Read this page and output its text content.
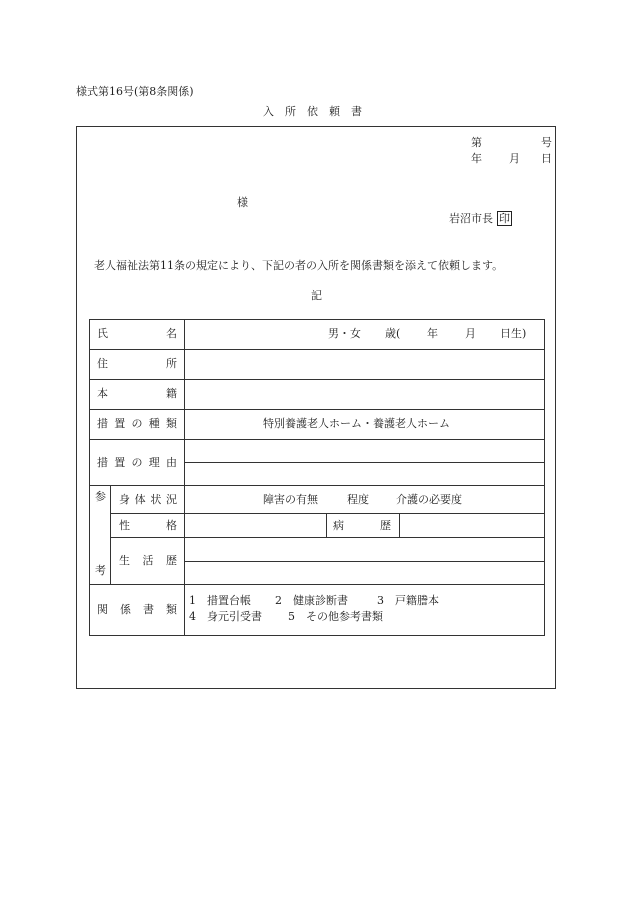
様式第16号(第8条関係)
入　所　依　頼　書
第	号
年 月 日
様
岩沼市長 印
老人福祉法第11条の規定により、下記の者の入所を関係書類を添えて依頼します。
記
氏	名	男・女 歳( 年 月 日生)
住	所
本	籍
措 置 の 種 類	特別養護老人ホーム・養護老人ホーム
措 置 の 理 由
参
考
身 体 状 況	障害の有無	程度 介護の必要度
性	格	病	歴
生 活 歴
関 係 書 類
1　措置台帳 2　健康診断書	3　戸籍謄本
4　身元引受書 5　その他参考書類
